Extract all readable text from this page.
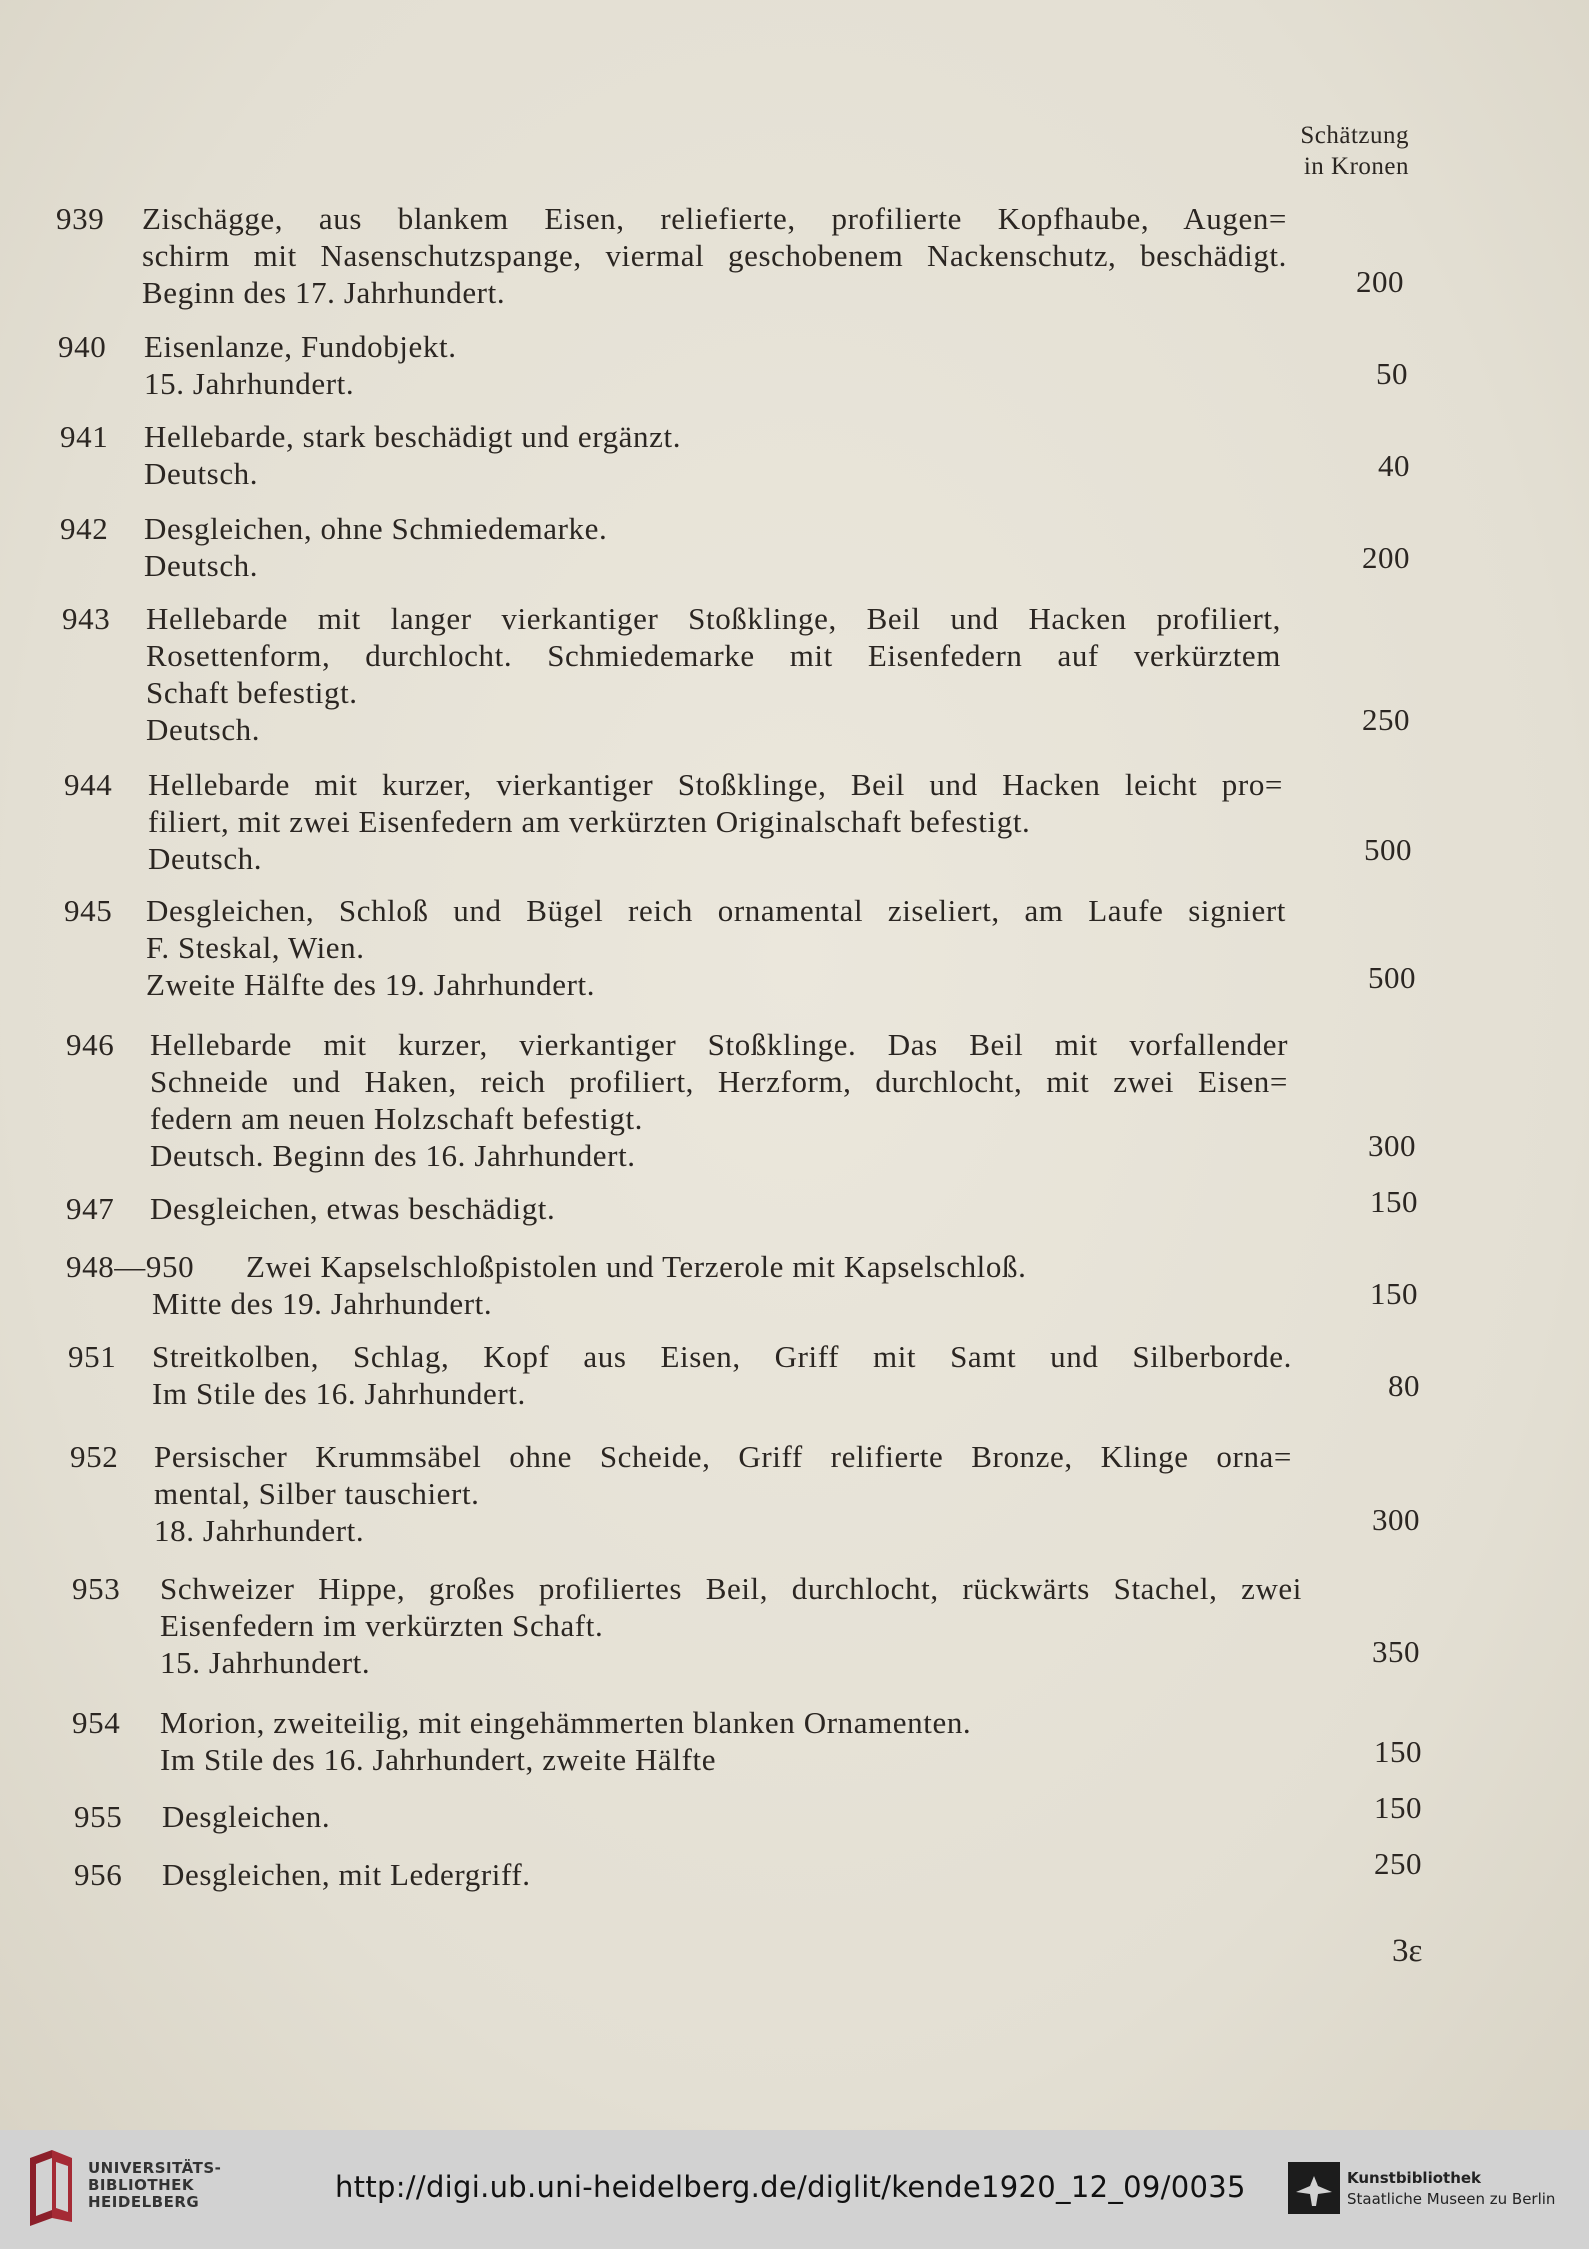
Schätzung
in Kronen
939 Zischägge, aus blankem Eisen, reliefierte, profilierte Kopfhaube, Augen=
schirm mit Nasenschutzspange, viermal geschobenem Nackenschutz, beschädigt.
Beginn des 17. Jahrhundert.	200
940 Eisenlanze, Fundobjekt.
15. Jahrhundert.	50
941 Hellebarde, stark beschädigt und ergänzt.
Deutsch.	40
942 Desgleichen, ohne Schmiedemarke.
Deutsch.	200
943 Hellebarde mit langer vierkantiger Stoßklinge, Beil und Hacken profiliert,
Rosettenform, durchlocht. Schmiedemarke mit Eisenfedern auf verkürztem
Schaft befestigt.
Deutsch.	250
944 Hellebarde mit kurzer, vierkantiger Stoßklinge, Beil und Hacken leicht pro=
filiert, mit zwei Eisenfedern am verkürzten Originalschaft befestigt.
Deutsch.	500
945 Desgleichen, Schloß und Bügel reich ornamental ziseliert, am Laufe signiert
F. Steskal, Wien.
Zweite Hälfte des 19. Jahrhundert.	500
946 Hellebarde mit kurzer, vierkantiger Stoßklinge. Das Beil mit vorfallender
Schneide und Haken, reich profiliert, Herzform, durchlocht, mit zwei Eisen=
federn am neuen Holzschaft befestigt.
Deutsch. Beginn des 16. Jahrhundert.	300
947 Desgleichen, etwas beschädigt.	150
948—950 Zwei Kapselschloßpistolen und Terzerole mit Kapselschloß.
Mitte des 19. Jahrhundert.	150
951 Streitkolben, Schlag, Kopf aus Eisen, Griff mit Samt und Silberborde.
Im Stile des 16. Jahrhundert.	80
952 Persischer Krummsäbel ohne Scheide, Griff relifierte Bronze, Klinge orna=
mental, Silber tauschiert.
18. Jahrhundert.	300
953 Schweizer Hippe, großes profiliertes Beil, durchlocht, rückwärts Stachel, zwei
Eisenfedern im verkürzten Schaft.
15. Jahrhundert.	350
954 Morion, zweiteilig, mit eingehämmerten blanken Ornamenten.
Im Stile des 16. Jahrhundert, zweite Hälfte	150
955 Desgleichen.	150
956 Desgleichen, mit Ledergriff.	250
3ε
UNIVERSITÄTS-
BIBLIOTHEK
HEIDELBERG	http://digi.ub.uni-heidelberg.de/diglit/kende1920_12_09/0035	Kunstbibliothek
Staatliche Museen zu Berlin
